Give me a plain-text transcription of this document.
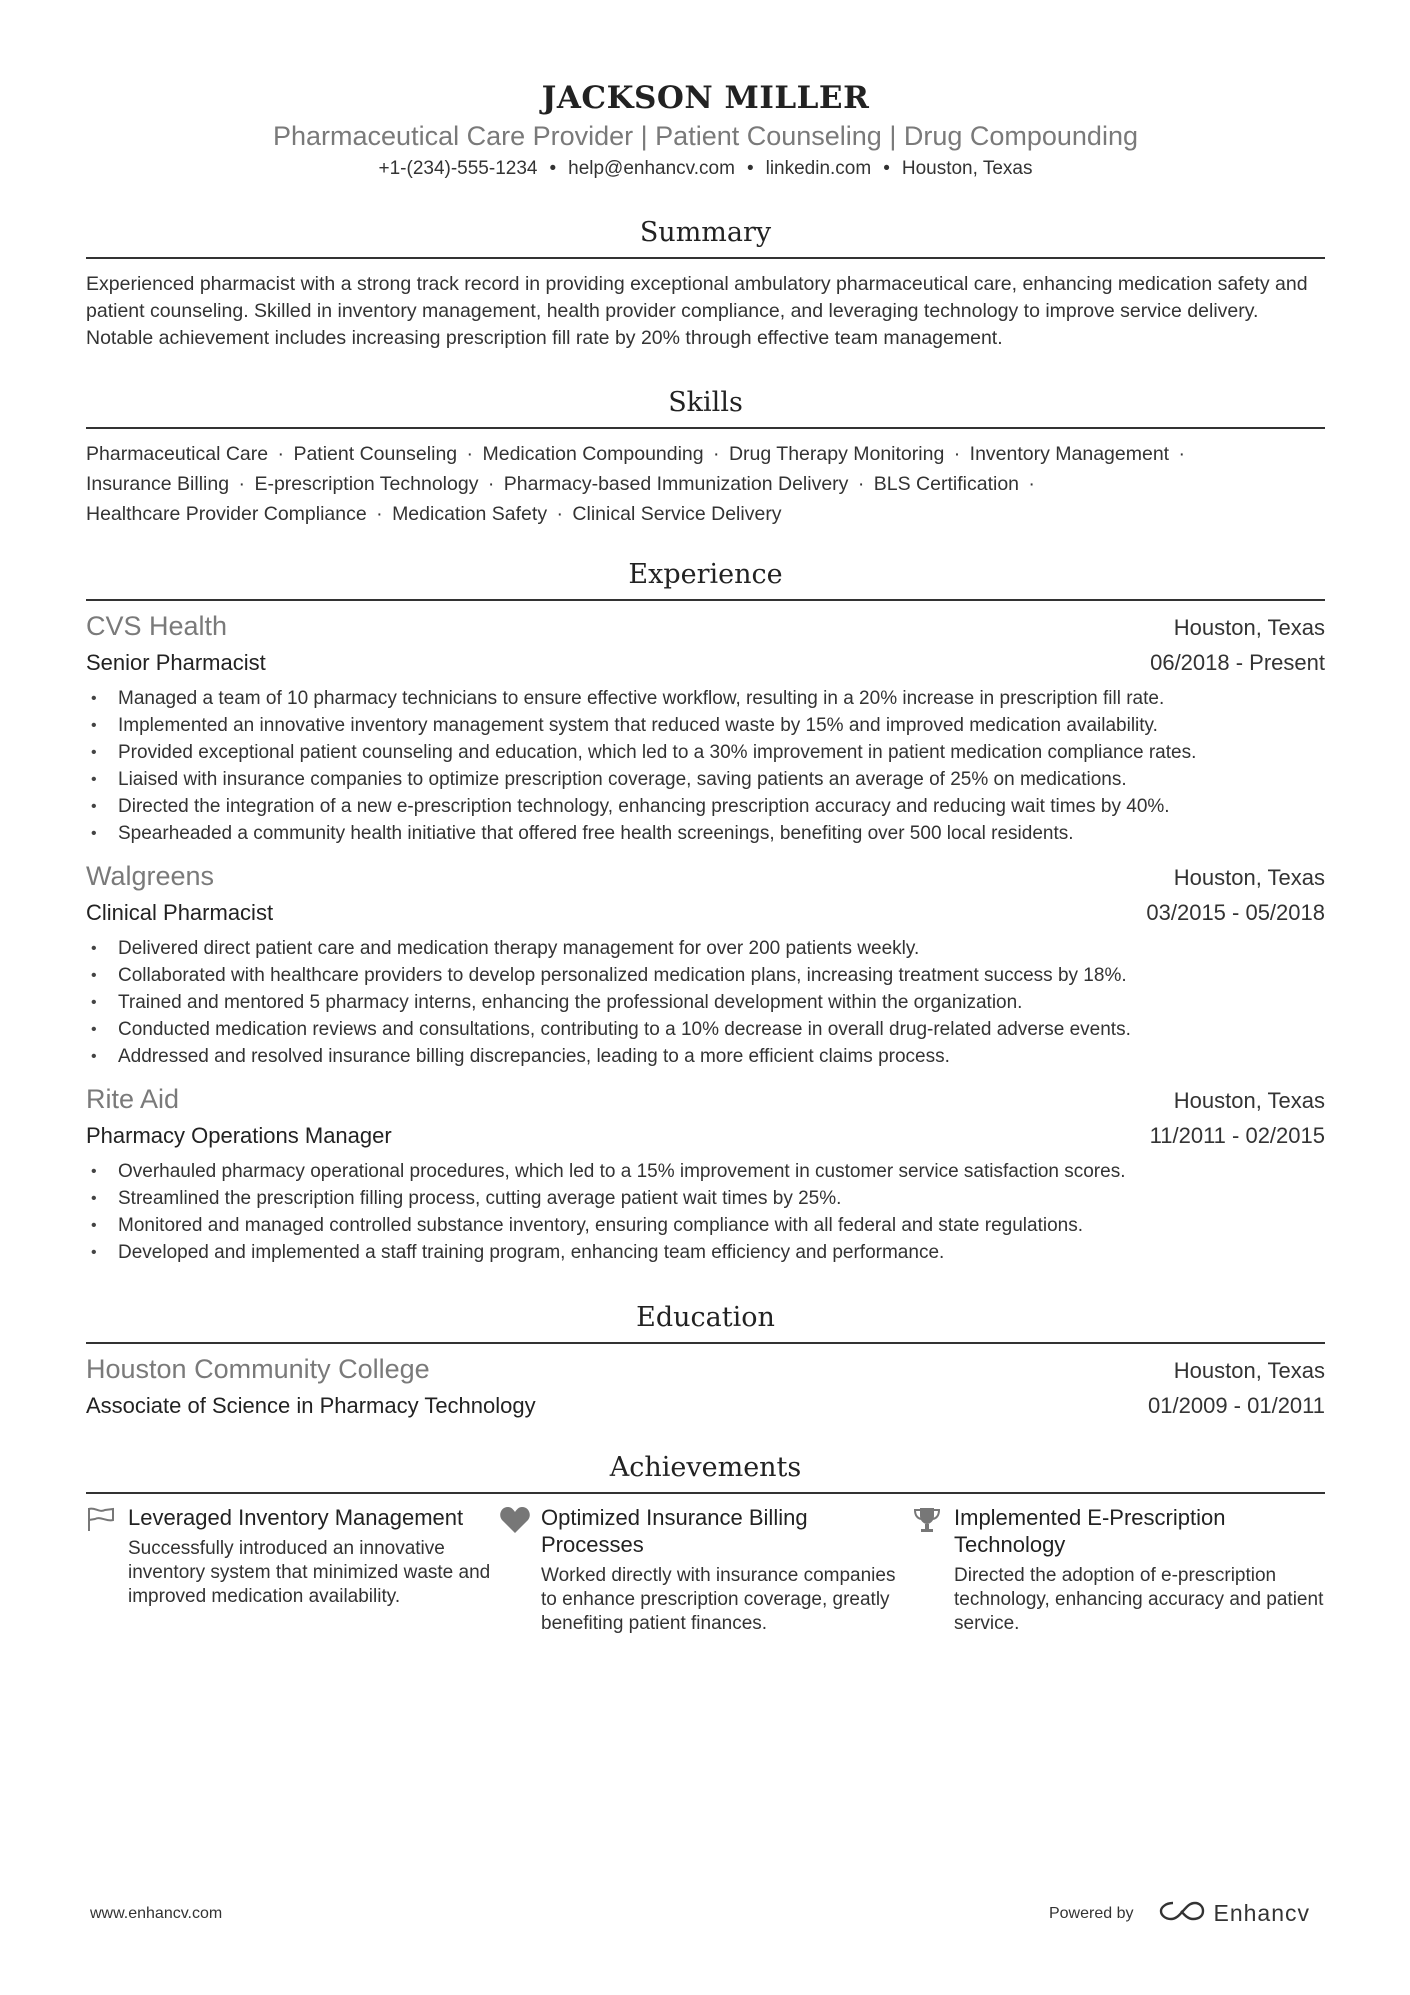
JACKSON MILLER
Pharmaceutical Care Provider | Patient Counseling | Drug Compounding
+1-(234)-555-1234 • help@enhancv.com • linkedin.com • Houston, Texas
Summary
Experienced pharmacist with a strong track record in providing exceptional ambulatory pharmaceutical care, enhancing medication safety and patient counseling. Skilled in inventory management, health provider compliance, and leveraging technology to improve service delivery. Notable achievement includes increasing prescription fill rate by 20% through effective team management.
Skills
Pharmaceutical Care · Patient Counseling · Medication Compounding · Drug Therapy Monitoring · Inventory Management ·
Insurance Billing · E-prescription Technology · Pharmacy-based Immunization Delivery · BLS Certification ·
Healthcare Provider Compliance · Medication Safety · Clinical Service Delivery
Experience
CVS Health	Houston, Texas
Senior Pharmacist	06/2018 - Present
• Managed a team of 10 pharmacy technicians to ensure effective workflow, resulting in a 20% increase in prescription fill rate.
• Implemented an innovative inventory management system that reduced waste by 15% and improved medication availability.
• Provided exceptional patient counseling and education, which led to a 30% improvement in patient medication compliance rates.
• Liaised with insurance companies to optimize prescription coverage, saving patients an average of 25% on medications.
• Directed the integration of a new e-prescription technology, enhancing prescription accuracy and reducing wait times by 40%.
• Spearheaded a community health initiative that offered free health screenings, benefiting over 500 local residents.
Walgreens	Houston, Texas
Clinical Pharmacist	03/2015 - 05/2018
• Delivered direct patient care and medication therapy management for over 200 patients weekly.
• Collaborated with healthcare providers to develop personalized medication plans, increasing treatment success by 18%.
• Trained and mentored 5 pharmacy interns, enhancing the professional development within the organization.
• Conducted medication reviews and consultations, contributing to a 10% decrease in overall drug-related adverse events.
• Addressed and resolved insurance billing discrepancies, leading to a more efficient claims process.
Rite Aid	Houston, Texas
Pharmacy Operations Manager	11/2011 - 02/2015
• Overhauled pharmacy operational procedures, which led to a 15% improvement in customer service satisfaction scores.
• Streamlined the prescription filling process, cutting average patient wait times by 25%.
• Monitored and managed controlled substance inventory, ensuring compliance with all federal and state regulations.
• Developed and implemented a staff training program, enhancing team efficiency and performance.
Education
Houston Community College	Houston, Texas
Associate of Science in Pharmacy Technology	01/2009 - 01/2011
Achievements
Leveraged Inventory Management
Successfully introduced an innovative inventory system that minimized waste and improved medication availability.
Optimized Insurance Billing Processes
Worked directly with insurance companies to enhance prescription coverage, greatly benefiting patient finances.
Implemented E-Prescription Technology
Directed the adoption of e-prescription technology, enhancing accuracy and patient service.
www.enhancv.com	Powered by	Enhancv
